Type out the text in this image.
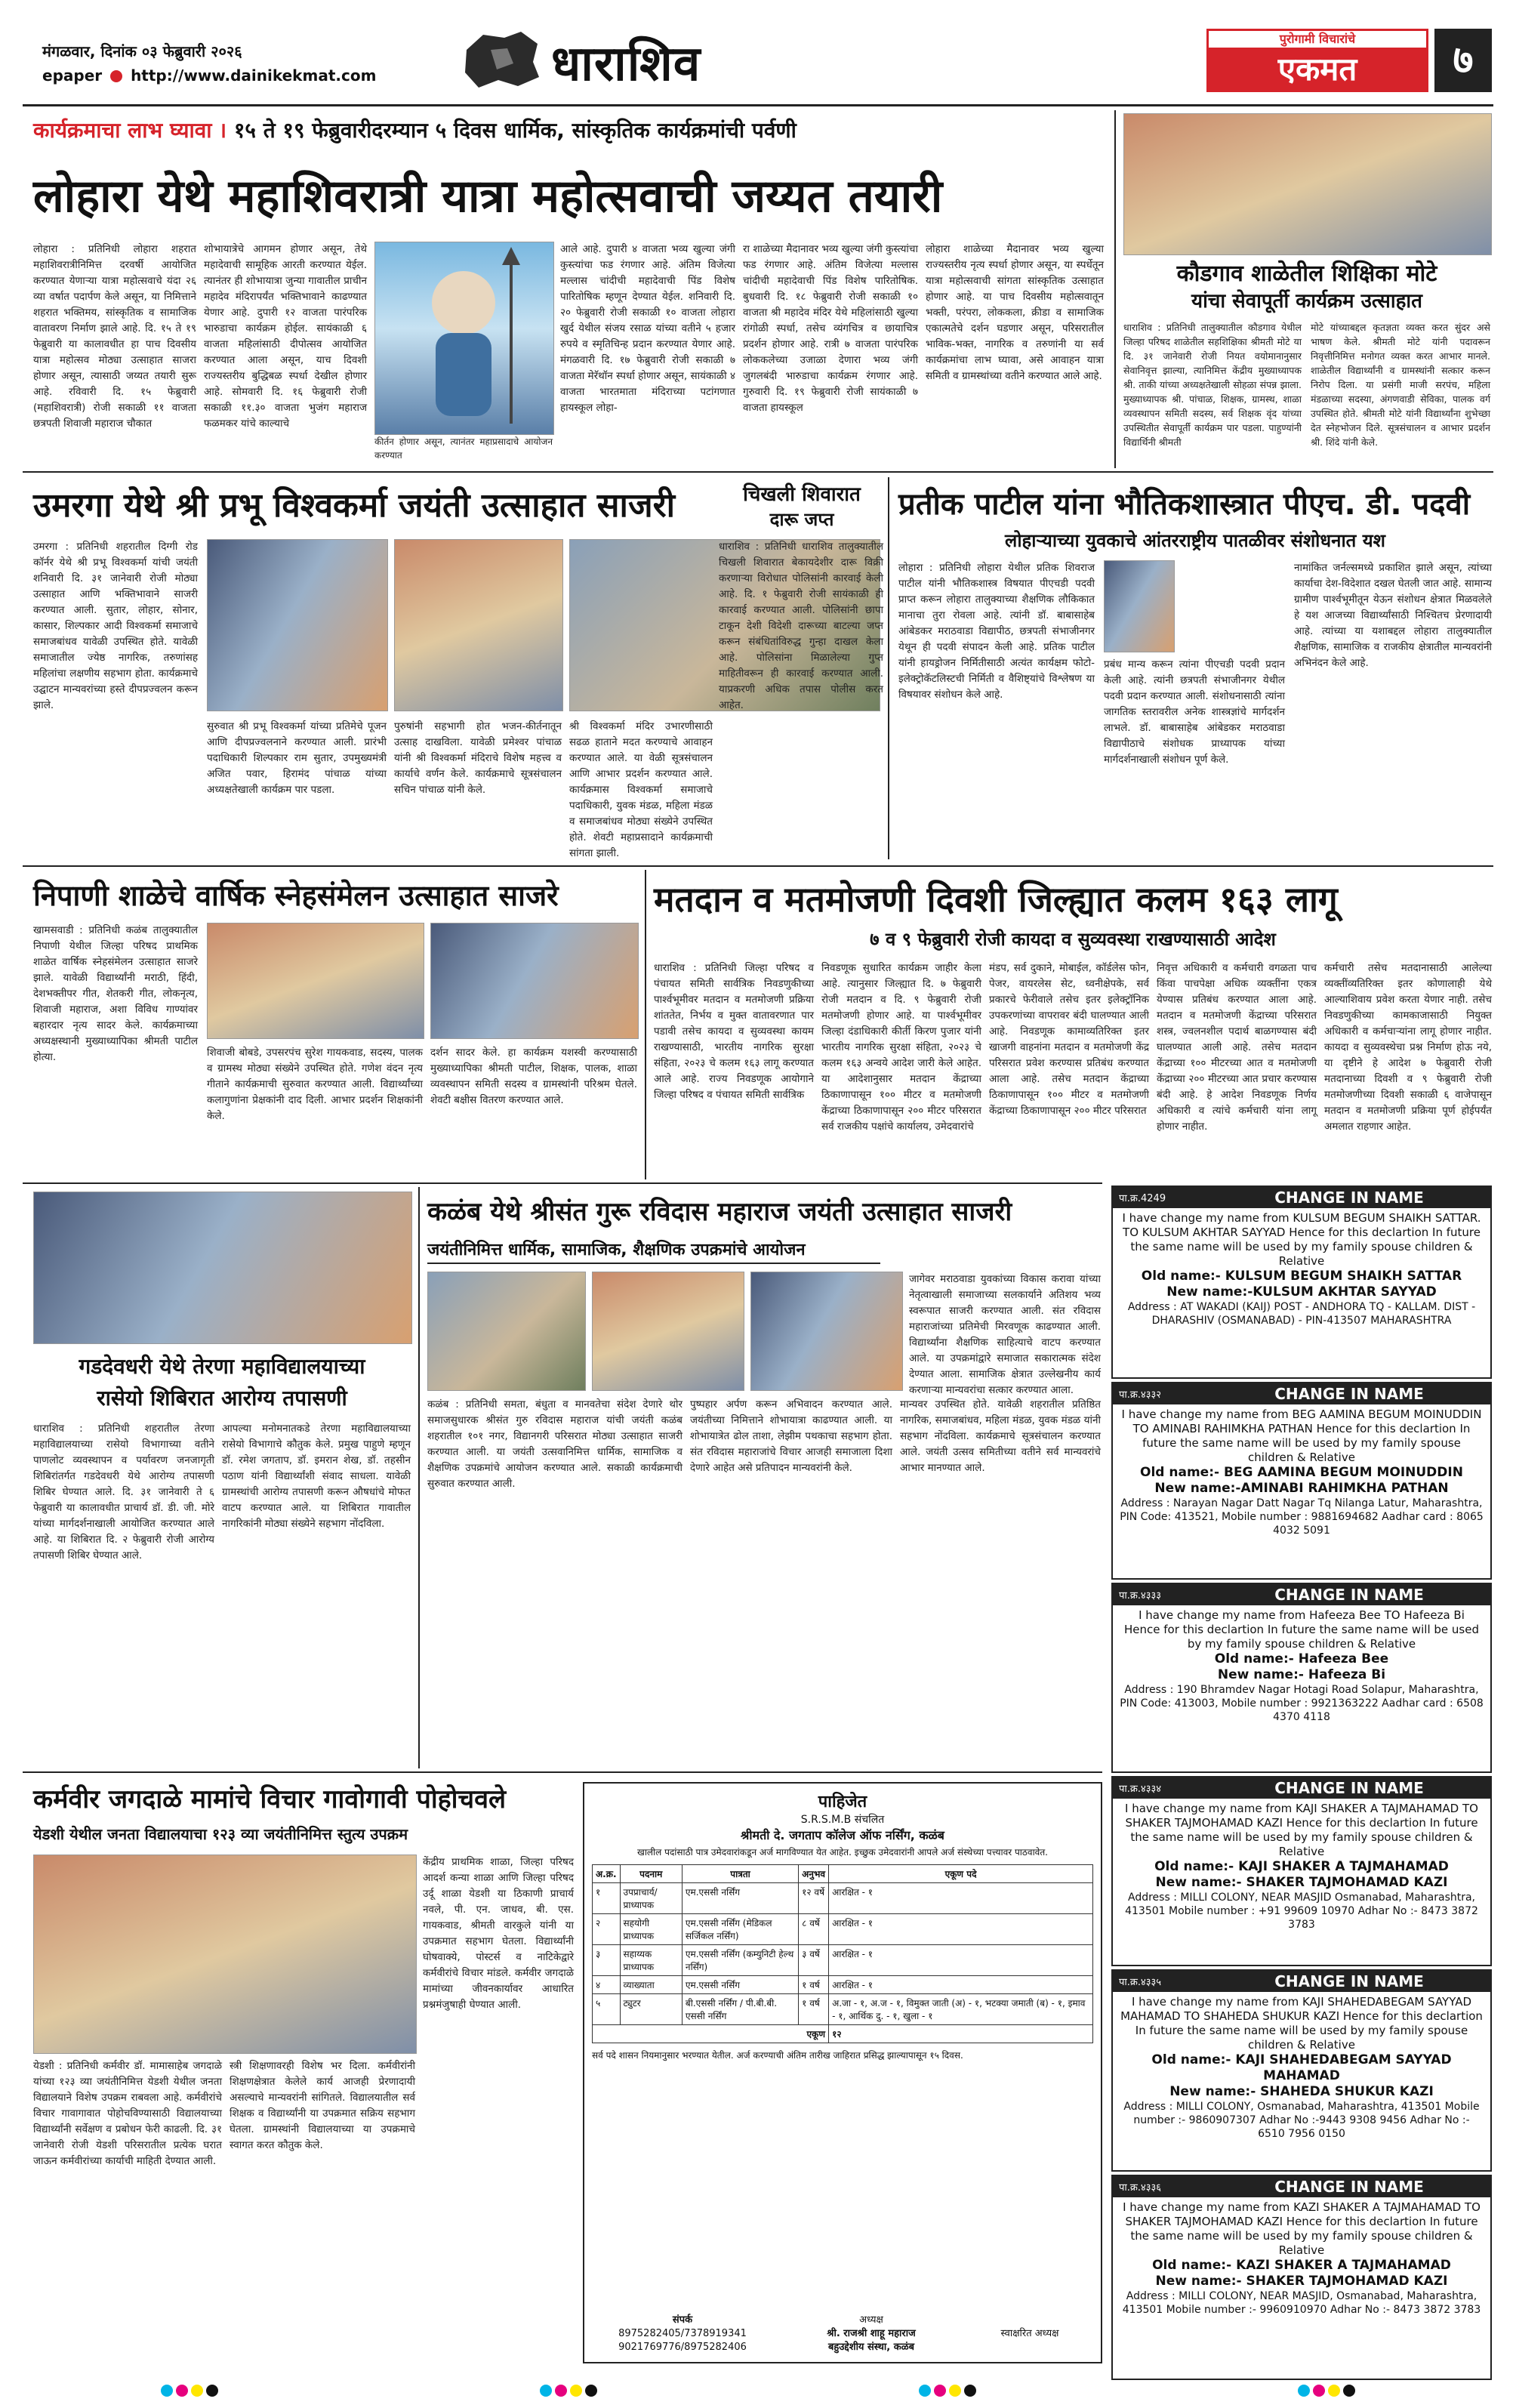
मंगळवार, दिनांक ०३ फेब्रुवारी २०२६
epaper http://www.dainikekmat.com	धाराशिव	पुरोगामी विचारांचे
एकमत	७
कार्यक्रमाचा लाभ घ्यावा । १५ ते १९ फेब्रुवारीदरम्यान ५ दिवस धार्मिक, सांस्कृतिक कार्यक्रमांची पर्वणी
लोहारा येथे महाशिवरात्री यात्रा महोत्सवाची जय्यत तयारी
लोहारा : प्रतिनिधी लोहारा शहरात महाशिवरात्रीनिमित्त दरवर्षी आयोजित करण्यात येणाऱ्या यात्रा महोत्सवाचे यंदा २६ व्या वर्षात पदार्पण केले असून, या निमित्ताने शहरात भक्तिमय, सांस्कृतिक व सामाजिक वातावरण निर्माण झाले आहे. दि. १५ ते १९ फेब्रुवारी या कालावधीत हा पाच दिवसीय यात्रा महोत्सव मोठ्या उत्साहात साजरा होणार असून, त्यासाठी जय्यत तयारी सुरू आहे. रविवारी दि. १५ फेब्रुवारी (महाशिवरात्री) रोजी सकाळी ११ वाजता छत्रपती शिवाजी महाराज चौकात
शोभायात्रेचे आगमन होणार असून, तेथे महादेवाची सामूहिक आरती करण्यात येईल. त्यानंतर ही शोभायात्रा जुन्या गावातील प्राचीन महादेव मंदिरापर्यंत भक्तिभावाने काढण्यात येणार आहे. दुपारी १२ वाजता पारंपरिक भारुडाचा कार्यक्रम होईल. सायंकाळी ६ वाजता महिलांसाठी दीपोत्सव आयोजित करण्यात आला असून, याच दिवशी राज्यस्तरीय बुद्धिबळ स्पर्धा देखील होणार आहे. सोमवारी दि. १६ फेब्रुवारी रोजी सकाळी ११.३० वाजता भुजंग महाराज फळमकर यांचे काल्याचे
कीर्तन होणार असून, त्यानंतर महाप्रसादाचे आयोजन करण्यात
आले आहे. दुपारी ४ वाजता भव्य खुल्या जंगी कुस्त्यांचा फड रंगणार आहे. अंतिम विजेत्या मल्लास चांदीची महादेवाची पिंड विशेष पारितोषिक म्हणून देण्यात येईल. शनिवारी दि. २० फेब्रुवारी रोजी सकाळी १० वाजता लोहारा खुर्द येथील संजय रसाळ यांच्या वतीने ५ हजार रुपये व स्मृतिचिन्ह प्रदान करण्यात येणार आहे. मंगळवारी दि. १७ फेब्रुवारी रोजी सकाळी ७ वाजता मेरॅथॉन स्पर्धा होणार असून, सायंकाळी ४ वाजता भारतमाता मंदिराच्या पटांगणात हायस्कूल लोहा-
रा शाळेच्या मैदानावर भव्य खुल्या जंगी कुस्त्यांचा फड रंगणार आहे. अंतिम विजेत्या मल्लास चांदीची महादेवाची पिंड विशेष पारितोषिक. बुधवारी दि. १८ फेब्रुवारी रोजी सकाळी १० वाजता श्री महादेव मंदिर येथे महिलांसाठी खुल्या रांगोळी स्पर्धा, तसेच व्यंगचित्र व छायाचित्र प्रदर्शन होणार आहे. रात्री ७ वाजता पारंपरिक लोककलेच्या उजाळा देणारा भव्य जंगी जुगलबंदी भारुडाचा कार्यक्रम रंगणार आहे. गुरुवारी दि. १९ फेब्रुवारी रोजी सायंकाळी ७ वाजता हायस्कूल
लोहारा शाळेच्या मैदानावर भव्य खुल्या राज्यस्तरीय नृत्य स्पर्धा होणार असून, या स्पर्धेतून यात्रा महोत्सवाची सांगता सांस्कृतिक उत्साहात होणार आहे. या पाच दिवसीय महोत्सवातून भक्ती, परंपरा, लोककला, क्रीडा व सामाजिक एकात्मतेचे दर्शन घडणार असून, परिसरातील भाविक-भक्त, नागरिक व तरुणांनी या सर्व कार्यक्रमांचा लाभ घ्यावा, असे आवाहन यात्रा समिती व ग्रामस्थांच्या वतीने करण्यात आले आहे.
कौडगाव शाळेतील शिक्षिका मोटे
यांचा सेवापूर्ती कार्यक्रम उत्साहात
धाराशिव : प्रतिनिधी तालुक्यातील कौडगाव येथील जिल्हा परिषद शाळेतील सहशिक्षिका श्रीमती मोटे या दि. ३१ जानेवारी रोजी नियत वयोमानानुसार सेवानिवृत्त झाल्या, त्यानिमित्त केंद्रीय मुख्याध्यापक श्री. ताकी यांच्या अध्यक्षतेखाली सोहळा संपन्न झाला. मुख्याध्यापक श्री. पांचाळ, शिक्षक, ग्रामस्थ, शाळा व्यवस्थापन समिती सदस्य, सर्व शिक्षक वृंद यांच्या उपस्थितीत सेवापूर्ती कार्यक्रम पार पडला. पाहुण्यांनी विद्यार्थिनी श्रीमती
मोटे यांच्याबद्दल कृतज्ञता व्यक्त करत सुंदर असे भाषण केले. श्रीमती मोटे यांनी पदावरून निवृत्तीनिमित्त मनोगत व्यक्त करत आभार मानले. शाळेतील विद्यार्थ्यांनी व ग्रामस्थांनी सत्कार करून निरोप दिला. या प्रसंगी माजी सरपंच, महिला मंडळाच्या सदस्या, अंगणवाडी सेविका, पालक वर्ग उपस्थित होते. श्रीमती मोटे यांनी विद्यार्थ्यांना शुभेच्छा देत स्नेहभोजन दिले. सूत्रसंचालन व आभार प्रदर्शन श्री. शिंदे यांनी केले.
उमरगा येथे श्री प्रभू विश्वकर्मा जयंती उत्साहात साजरी
उमरगा : प्रतिनिधी शहरातील दिग्गी रोड कॉर्नर येथे श्री प्रभू विश्वकर्मा यांची जयंती शनिवारी दि. ३१ जानेवारी रोजी मोठ्या उत्साहात आणि भक्तिभावाने साजरी करण्यात आली. सुतार, लोहार, सोनार, कासार, शिल्पकार आदी विश्वकर्मा समाजाचे समाजबांधव यावेळी उपस्थित होते. यावेळी समाजातील ज्येष्ठ नागरिक, तरुणांसह महिलांचा लक्षणीय सहभाग होता. कार्यक्रमाचे उद्घाटन मान्यवरांच्या हस्ते दीपप्रज्वलन करून झाले.
सुरुवात श्री प्रभू विश्वकर्मा यांच्या प्रतिमेचे पूजन आणि दीपप्रज्वलनाने करण्यात आली. प्रारंभी पदाधिकारी शिल्पकार राम सुतार, उपमुख्यमंत्री अजित पवार, हिरामंद पांचाळ यांच्या अध्यक्षतेखाली कार्यक्रम पार पडला.
पुरुषांनी सहभागी होत भजन-कीर्तनातून उत्साह दाखविला. यावेळी प्रमेश्वर पांचाळ यांनी श्री विश्वकर्मा मंदिराचे विशेष महत्त्व व कार्याचे वर्णन केले. कार्यक्रमाचे सूत्रसंचालन सचिन पांचाळ यांनी केले.
श्री विश्वकर्मा मंदिर उभारणीसाठी सढळ हाताने मदत करण्याचे आवाहन करण्यात आले. या वेळी सूत्रसंचालन आणि आभार प्रदर्शन करण्यात आले. कार्यक्रमास विश्वकर्मा समाजाचे पदाधिकारी, युवक मंडळ, महिला मंडळ व समाजबांधव मोठ्या संख्येने उपस्थित होते. शेवटी महाप्रसादाने कार्यक्रमाची सांगता झाली.
चिखली शिवारात
दारू जप्त
धाराशिव : प्रतिनिधी धाराशिव तालुक्यातील चिखली शिवारात बेकायदेशीर दारू विक्री करणाऱ्या विरोधात पोलिसांनी कारवाई केली आहे. दि. १ फेब्रुवारी रोजी सायंकाळी ही कारवाई करण्यात आली. पोलिसांनी छापा टाकून देशी विदेशी दारूच्या बाटल्या जप्त करून संबंधितांविरुद्ध गुन्हा दाखल केला आहे. पोलिसांना मिळालेल्या गुप्त माहितीवरून ही कारवाई करण्यात आली. याप्रकरणी अधिक तपास पोलीस करत आहेत.
प्रतीक पाटील यांना भौतिकशास्त्रात पीएच. डी. पदवी
लोहाऱ्याच्या युवकाचे आंतरराष्ट्रीय पातळीवर संशोधनात यश
लोहारा : प्रतिनिधी लोहारा येथील प्रतिक शिवराज पाटील यांनी भौतिकशास्त्र विषयात पीएचडी पदवी प्राप्त करून लोहारा तालुक्याच्या शैक्षणिक लौकिकात मानाचा तुरा रोवला आहे. त्यांनी डॉ. बाबासाहेब आंबेडकर मराठवाडा विद्यापीठ, छत्रपती संभाजीनगर येथून ही पदवी संपादन केली आहे. प्रतिक पाटील यांनी हायड्रोजन निर्मितीसाठी अत्यंत कार्यक्षम फोटो-इलेक्ट्रोकॅटलिस्टची निर्मिती व वैशिष्ट्यांचे विश्लेषण या विषयावर संशोधन केले आहे.
प्रबंध मान्य करून त्यांना पीएचडी पदवी प्रदान केली आहे. त्यांनी छत्रपती संभाजीनगर येथील पदवी प्रदान करण्यात आली. संशोधनासाठी त्यांना जागतिक स्तरावरील अनेक शास्त्रज्ञांचे मार्गदर्शन लाभले. डॉ. बाबासाहेब आंबेडकर मराठवाडा विद्यापीठाचे संशोधक प्राध्यापक यांच्या मार्गदर्शनाखाली संशोधन पूर्ण केले.
नामांकित जर्नल्समध्ये प्रकाशित झाले असून, त्यांच्या कार्याचा देश-विदेशात दखल घेतली जात आहे. सामान्य ग्रामीण पार्श्वभूमीतून येऊन संशोधन क्षेत्रात मिळवलेले हे यश आजच्या विद्यार्थ्यांसाठी निश्चितच प्रेरणादायी आहे. त्यांच्या या यशाबद्दल लोहारा तालुक्यातील शैक्षणिक, सामाजिक व राजकीय क्षेत्रातील मान्यवरांनी अभिनंदन केले आहे.
निपाणी शाळेचे वार्षिक स्नेहसंमेलन उत्साहात साजरे
खामसवाडी : प्रतिनिधी कळंब तालुक्यातील निपाणी येथील जिल्हा परिषद प्राथमिक शाळेत वार्षिक स्नेहसंमेलन उत्साहात साजरे झाले. यावेळी विद्यार्थ्यांनी मराठी, हिंदी, देशभक्तीपर गीत, शेतकरी गीत, लोकनृत्य, शिवाजी महाराज, अशा विविध गाण्यांवर बहारदार नृत्य सादर केले. कार्यक्रमाच्या अध्यक्षस्थानी मुख्याध्यापिका श्रीमती पाटील होत्या.	शिवाजी बोबडे, उपसरपंच सुरेश गायकवाड, सदस्य, पालक व ग्रामस्थ मोठ्या संख्येने उपस्थित होते. गणेश वंदन नृत्य गीताने कार्यक्रमाची सुरुवात करण्यात आली. विद्यार्थ्यांच्या कलागुणांना प्रेक्षकांनी दाद दिली. आभार प्रदर्शन शिक्षकांनी केले.
दर्शन सादर केले. हा कार्यक्रम यशस्वी करण्यासाठी मुख्याध्यापिका श्रीमती पाटील, शिक्षक, पालक, शाळा व्यवस्थापन समिती सदस्य व ग्रामस्थांनी परिश्रम घेतले. शेवटी बक्षीस वितरण करण्यात आले.
मतदान व मतमोजणी दिवशी जिल्ह्यात कलम १६३ लागू
७ व ९ फेब्रुवारी रोजी कायदा व सुव्यवस्था राखण्यासाठी आदेश
धाराशिव : प्रतिनिधी जिल्हा परिषद व पंचायत समिती सार्वत्रिक निवडणुकीच्या पार्श्वभूमीवर मतदान व मतमोजणी प्रक्रिया शांततेत, निर्भय व मुक्त वातावरणात पार पडावी तसेच कायदा व सुव्यवस्था कायम राखण्यासाठी, भारतीय नागरिक सुरक्षा संहिता, २०२३ चे कलम १६३ लागू करण्यात आले आहे. राज्य निवडणूक आयोगाने जिल्हा परिषद व पंचायत समिती सार्वत्रिक
निवडणूक सुधारित कार्यक्रम जाहीर केला आहे. त्यानुसार जिल्ह्यात दि. ७ फेब्रुवारी रोजी मतदान व दि. ९ फेब्रुवारी रोजी मतमोजणी होणार आहे. या पार्श्वभूमीवर जिल्हा दंडाधिकारी कीर्ती किरण पुजार यांनी भारतीय नागरिक सुरक्षा संहिता, २०२३ चे कलम १६३ अन्वये आदेश जारी केले आहेत. या आदेशानुसार मतदान केंद्राच्या ठिकाणापासून १०० मीटर व मतमोजणी केंद्राच्या ठिकाणापासून २०० मीटर परिसरात सर्व राजकीय पक्षांचे कार्यालय, उमेदवारांचे
मंडप, सर्व दुकाने, मोबाईल, कॉर्डलेस फोन, पेजर, वायरलेस सेट, ध्वनीक्षेपके, सर्व प्रकारचे फेरीवाले तसेच इतर इलेक्ट्रॉनिक उपकरणांच्या वापरावर बंदी घालण्यात आली आहे. निवडणूक कामाव्यतिरिक्त इतर खाजगी वाहनांना मतदान व मतमोजणी केंद्र परिसरात प्रवेश करण्यास प्रतिबंध करण्यात आला आहे. तसेच मतदान केंद्राच्या ठिकाणापासून १०० मीटर व मतमोजणी केंद्राच्या ठिकाणापासून २०० मीटर परिसरात
निवृत्त अधिकारी व कर्मचारी वगळता पाच किंवा पाचपेक्षा अधिक व्यक्तींना एकत्र येण्यास प्रतिबंध करण्यात आला आहे. मतदान व मतमोजणी केंद्राच्या परिसरात शस्त्र, ज्वलनशील पदार्थ बाळगण्यास बंदी घालण्यात आली आहे. तसेच मतदान केंद्राच्या १०० मीटरच्या आत व मतमोजणी केंद्राच्या २०० मीटरच्या आत प्रचार करण्यास बंदी आहे. हे आदेश निवडणूक निर्णय अधिकारी व त्यांचे कर्मचारी यांना लागू होणार नाहीत.
कर्मचारी तसेच मतदानासाठी आलेल्या व्यक्तींव्यतिरिक्त इतर कोणालाही येथे आल्याशिवाय प्रवेश करता येणार नाही. तसेच निवडणुकीच्या कामकाजासाठी नियुक्त अधिकारी व कर्मचाऱ्यांना लागू होणार नाहीत. कायदा व सुव्यवस्थेचा प्रश्न निर्माण होऊ नये, या दृष्टीने हे आदेश ७ फेब्रुवारी रोजी मतदानाच्या दिवशी व ९ फेब्रुवारी रोजी मतमोजणीच्या दिवशी सकाळी ६ वाजेपासून मतदान व मतमोजणी प्रक्रिया पूर्ण होईपर्यंत अमलात राहणार आहेत.
गडदेवधरी येथे तेरणा महाविद्यालयाच्या
रासेयो शिबिरात आरोग्य तपासणी
धाराशिव : प्रतिनिधी शहरातील तेरणा महाविद्यालयाच्या रासेयो विभागाच्या वतीने पाणलोट व्यवस्थापन व पर्यावरण जनजागृती शिबिरांतर्गत गडदेवधरी येथे आरोग्य तपासणी शिबिर घेण्यात आले. दि. ३१ जानेवारी ते ६ फेब्रुवारी या कालावधीत प्राचार्य डॉ. डी. जी. मोरे यांच्या मार्गदर्शनाखाली आयोजित करण्यात आले आहे. या शिबिरात दि. २ फेब्रुवारी रोजी आरोग्य तपासणी शिबिर घेण्यात आले.
आपल्या मनोमनातकडे तेरणा महाविद्यालयाच्या रासेयो विभागाचे कौतुक केले. प्रमुख पाहुणे म्हणून डॉ. रमेश जगताप, डॉ. इमरान शेख, डॉ. तहसीन पठाण यांनी विद्यार्थ्यांशी संवाद साधला. यावेळी ग्रामस्थांची आरोग्य तपासणी करून औषधांचे मोफत वाटप करण्यात आले. या शिबिरात गावातील नागरिकांनी मोठ्या संख्येने सहभाग नोंदविला.
कळंब येथे श्रीसंत गुरू रविदास महाराज जयंती उत्साहात साजरी
जयंतीनिमित्त धार्मिक, सामाजिक, शैक्षणिक उपक्रमांचे आयोजन
कळंब : प्रतिनिधी समता, बंधुता व मानवतेचा संदेश देणारे थोर समाजसुधारक श्रीसंत गुरु रविदास महाराज यांची जयंती कळंब शहरातील १०१ नगर, विद्यानगरी परिसरात मोठ्या उत्साहात साजरी करण्यात आली. या जयंती उत्सवानिमित्त धार्मिक, सामाजिक व शैक्षणिक उपक्रमांचे आयोजन करण्यात आले. सकाळी कार्यक्रमाची सुरुवात करण्यात आली.
पुष्पहार अर्पण करून अभिवादन करण्यात आले. जयंतीच्या निमित्ताने शोभायात्रा काढण्यात आली. या शोभायात्रेत ढोल ताशा, लेझीम पथकाचा सहभाग होता. संत रविदास महाराजांचे विचार आजही समाजाला दिशा देणारे आहेत असे प्रतिपादन मान्यवरांनी केले.
मान्यवर उपस्थित होते. यावेळी शहरातील प्रतिष्ठित नागरिक, समाजबांधव, महिला मंडळ, युवक मंडळ यांनी सहभाग नोंदविला. कार्यक्रमाचे सूत्रसंचालन करण्यात आले. जयंती उत्सव समितीच्या वतीने सर्व मान्यवरांचे आभार मानण्यात आले.
जागेवर मराठवाडा युवकांच्या विकास करावा यांच्या नेतृत्वाखाली समाजाच्या सलकार्याने अतिशय भव्य स्वरूपात साजरी करण्यात आली. संत रविदास महाराजांच्या प्रतिमेची मिरवणूक काढण्यात आली. विद्यार्थ्यांना शैक्षणिक साहित्याचे वाटप करण्यात आले. या उपक्रमांद्वारे समाजात सकारात्मक संदेश देण्यात आला. सामाजिक क्षेत्रात उल्लेखनीय कार्य करणाऱ्या मान्यवरांचा सत्कार करण्यात आला.
कर्मवीर जगदाळे मामांचे विचार गावोगावी पोहोचवले
येडशी येथील जनता विद्यालयाचा १२३ व्या जयंतीनिमित्त स्तुत्य उपक्रम
येडशी : प्रतिनिधी कर्मवीर डॉ. मामासाहेब जगदाळे यांच्या १२३ व्या जयंतीनिमित्त येडशी येथील जनता विद्यालयाने विशेष उपक्रम राबवला आहे. कर्मवीरांचे विचार गावागावात पोहोचविण्यासाठी विद्यालयाच्या विद्यार्थ्यांनी सर्वेक्षण व प्रबोधन फेरी काढली. दि. ३१ जानेवारी रोजी येडशी परिसरातील प्रत्येक घरात जाऊन कर्मवीरांच्या कार्याची माहिती देण्यात आली.
स्त्री शिक्षणावरही विशेष भर दिला. कर्मवीरांनी शिक्षणक्षेत्रात केलेले कार्य आजही प्रेरणादायी असल्याचे मान्यवरांनी सांगितले. विद्यालयातील सर्व शिक्षक व विद्यार्थ्यांनी या उपक्रमात सक्रिय सहभाग घेतला. ग्रामस्थांनी विद्यालयाच्या या उपक्रमाचे स्वागत करत कौतुक केले.
केंद्रीय प्राथमिक शाळा, जिल्हा परिषद आदर्श कन्या शाळा आणि जिल्हा परिषद उर्दू शाळा येडशी या ठिकाणी प्राचार्य नवले, पी. एन. जाधव, बी. एस. गायकवाड, श्रीमती वारकुले यांनी या उपक्रमात सहभाग घेतला. विद्यार्थ्यांनी घोषवाक्ये, पोस्टर्स व नाटिकेद्वारे कर्मवीरांचे विचार मांडले. कर्मवीर जगदाळे मामांच्या जीवनकार्यावर आधारित प्रश्नमंजुषाही घेण्यात आली.
पाहिजेत
S.R.S.M.B संचलित
श्रीमती दे. जगताप कॉलेज ऑफ नर्सिंग, कळंब
खालील पदांसाठी पात्र उमेदवारांकडून अर्ज मागविण्यात येत आहेत. इच्छुक उमेदवारांनी आपले अर्ज संस्थेच्या पत्त्यावर पाठवावेत.
अ.क्र.	पदनाम	पात्रता	अनुभव	एकूण पदे
१	उपप्राचार्य/प्राध्यापक	एम.एससी नर्सिंग	१२ वर्षे	आरक्षित - १
२	सहयोगी प्राध्यापक	एम.एससी नर्सिंग (मेडिकल सर्जिकल नर्सिंग)	८ वर्षे	आरक्षित - १
३	सहाय्यक प्राध्यापक	एम.एससी नर्सिंग (कम्युनिटी हेल्थ नर्सिंग)	३ वर्षे	आरक्षित - १
४	व्याख्याता	एम.एससी नर्सिंग	१ वर्ष	आरक्षित - १
५	ट्युटर	बी.एससी नर्सिंग / पी.बी.बी. एससी नर्सिंग	१ वर्ष	अ.जा - १, अ.ज - १, विमुक्त जाती (अ) - १, भटक्या जमाती (ब) - १, इमाव - १, आर्थिक दु. - १, खुला - १
एकूण				१२
सर्व पदे शासन नियमानुसार भरण्यात येतील. अर्ज करण्याची अंतिम तारीख जाहिरात प्रसिद्ध झाल्यापासून १५ दिवस.
संपर्क
8975282405/7378919341
9021769776/8975282406
अध्यक्ष
श्री. राजश्री शाहू महाराज
बहुउद्देशीय संस्था, कळंब
स्वाक्षरित अध्यक्ष
पा.क्र.4249	CHANGE IN NAME
I have change my name from KULSUM BEGUM SHAIKH SATTAR. TO KULSUM AKHTAR SAYYAD Hence for this declartion In future the same name will be used by my family spouse children & Relative
Old name:- KULSUM BEGUM SHAIKH SATTAR
New name:-KULSUM AKHTAR SAYYAD
Address : AT WAKADI (KAIJ) POST - ANDHORA TQ - KALLAM. DIST - DHARASHIV (OSMANABAD) - PIN-413507 MAHARASHTRA
पा.क्र.४३३२	CHANGE IN NAME
I have change my name from BEG AAMINA BEGUM MOINUDDIN TO AMINABI RAHIMKHA PATHAN Hence for this declartion In future the same name will be used by my family spouse children & Relative
Old name:- BEG AAMINA BEGUM MOINUDDIN
New name:-AMINABI RAHIMKHA PATHAN
Address : Narayan Nagar Datt Nagar Tq Nilanga Latur, Maharashtra, PIN Code: 413521, Mobile number : 9881694682 Aadhar card : 8065 4032 5091
पा.क्र.४३३३	CHANGE IN NAME
I have change my name from Hafeeza Bee TO Hafeeza Bi Hence for this declartion In future the same name will be used by my family spouse children & Relative
Old name:- Hafeeza Bee
New name:- Hafeeza Bi
Address : 190 Bhramdev Nagar Hotagi Road Solapur, Maharashtra, PIN Code: 413003, Mobile number : 9921363222 Aadhar card : 6508 4370 4118
पा.क्र.४३३४	CHANGE IN NAME
I have change my name from KAJI SHAKER A TAJMAHAMAD TO SHAKER TAJMOHAMAD KAZI Hence for this declartion In future the same name will be used by my family spouse children & Relative
Old name:- KAJI SHAKER A TAJMAHAMAD
New name:- SHAKER TAJMOHAMAD KAZI
Address : MILLI COLONY, NEAR MASJID Osmanabad, Maharashtra, 413501 Mobile number : +91 99609 10970 Adhar No :- 8473 3872 3783
पा.क्र.४३३५	CHANGE IN NAME
I have change my name from KAJI SHAHEDABEGAM SAYYAD MAHAMAD TO SHAHEDA SHUKUR KAZI Hence for this declartion In future the same name will be used by my family spouse children & Relative
Old name:- KAJI SHAHEDABEGAM SAYYAD MAHAMAD
New name:- SHAHEDA SHUKUR KAZI
Address : MILLI COLONY, Osmanabad, Maharashtra, 413501 Mobile number :- 9860907307 Adhar No :-9443 9308 9456 Adhar No :- 6510 7956 0150
पा.क्र.४३३६	CHANGE IN NAME
I have change my name from KAZI SHAKER A TAJMAHAMAD TO SHAKER TAJMOHAMAD KAZI Hence for this declartion In future the same name will be used by my family spouse children & Relative
Old name:- KAZI SHAKER A TAJMAHAMAD
New name:- SHAKER TAJMOHAMAD KAZI
Address : MILLI COLONY, NEAR MASJID, Osmanabad, Maharashtra, 413501 Mobile number :- 9960910970 Adhar No :- 8473 3872 3783
